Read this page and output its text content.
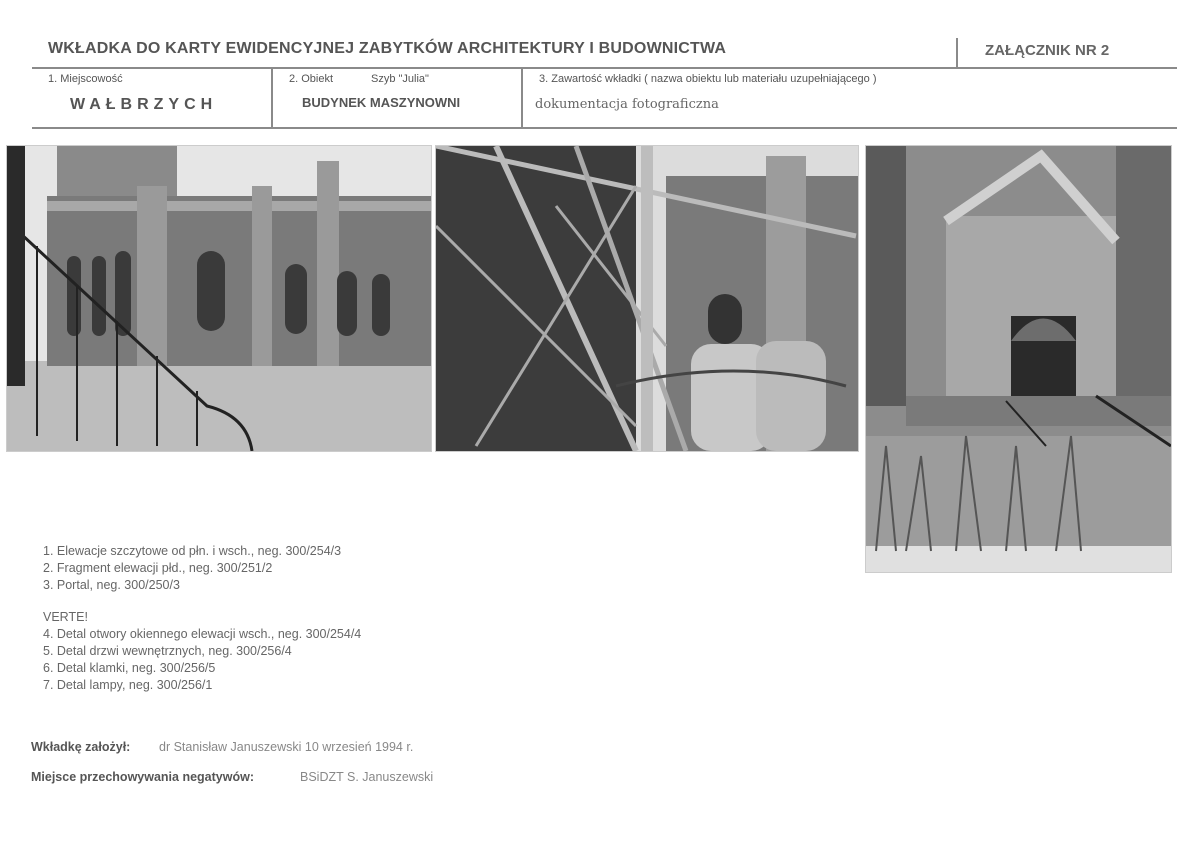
WKŁADKA DO KARTY EWIDENCYJNEJ ZABYTKÓW ARCHITEKTURY I BUDOWNICTWA	ZAŁĄCZNIK NR 2
1. Miejscowość
WAŁBRZYCH
2. Obiekt	Szyb "Julia"
BUDYNEK MASZYNOWNI
3. Zawartość wkładki ( nazwa obiektu lub materiału uzupełniającego )
dokumentacja fotograficzna
1. Elewacje szczytowe od płn. i wsch., neg. 300/254/3
2. Fragment elewacji płd., neg. 300/251/2
3. Portal, neg. 300/250/3
VERTE!
4. Detal otwory okiennego elewacji wsch., neg. 300/254/4
5. Detal drzwi wewnętrznych, neg. 300/256/4
6. Detal klamki, neg. 300/256/5
7. Detal lampy, neg. 300/256/1
Wkładkę założył: dr Stanisław Januszewski 10 wrzesień 1994 r.
Miejsce przechowywania negatywów:	BSiDZT S. Januszewski
